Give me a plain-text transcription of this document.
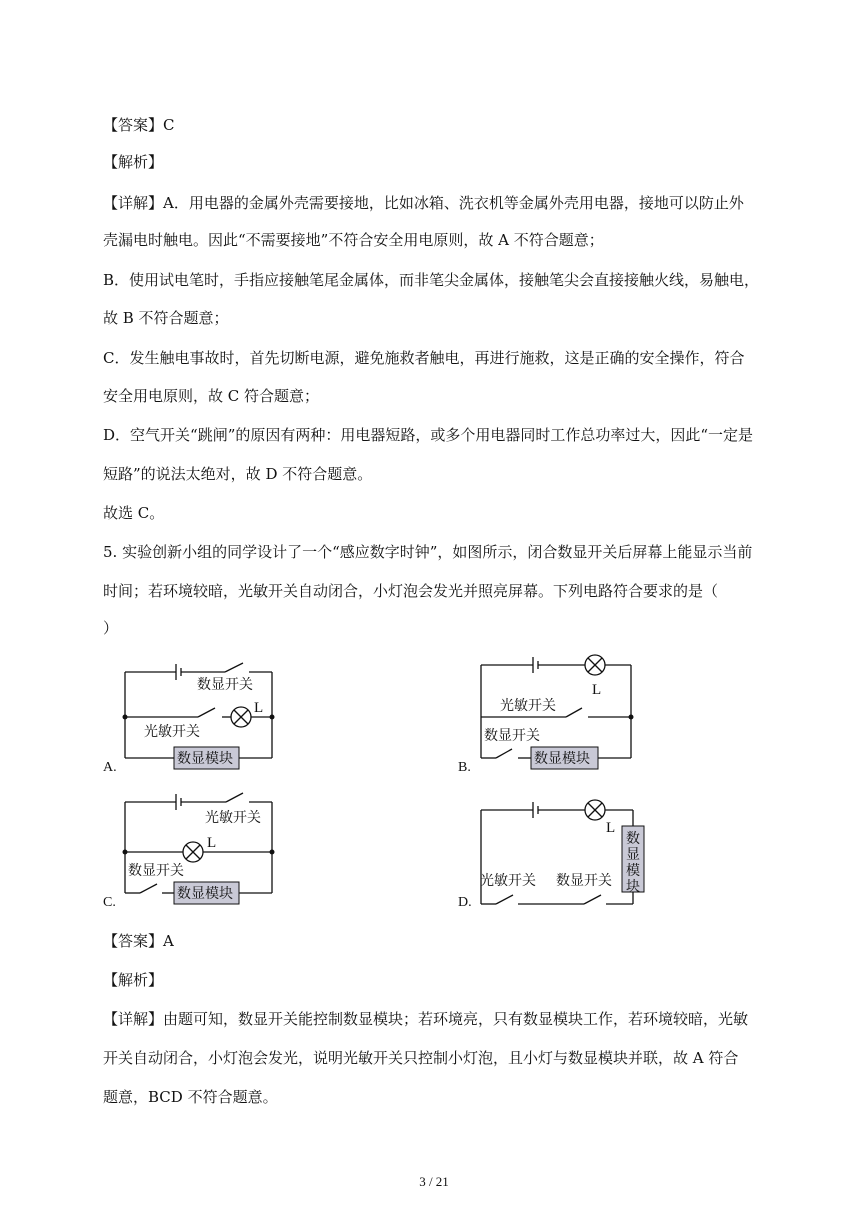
【答案】C
【解析】
【详解】A．用电器的金属外壳需要接地，比如冰箱、洗衣机等金属外壳用电器，接地可以防止外
壳漏电时触电。因此“不需要接地”不符合安全用电原则，故 A 不符合题意；
B．使用试电笔时，手指应接触笔尾金属体，而非笔尖金属体，接触笔尖会直接接触火线，易触电，
故 B 不符合题意；
C．发生触电事故时，首先切断电源，避免施救者触电，再进行施救，这是正确的安全操作，符合
安全用电原则，故 C 符合题意；
D．空气开关“跳闸”的原因有两种：用电器短路，或多个用电器同时工作总功率过大，因此“一定是
短路”的说法太绝对，故 D 不符合题意。
故选 C。
5. 实验创新小组的同学设计了一个“感应数字时钟”，如图所示，闭合数显开关后屏幕上能显示当前
时间；若环境较暗，光敏开关自动闭合，小灯泡会发光并照亮屏幕。下列电路符合要求的是（
）
A.	B.
C.	D.
数显开关
光敏开关
L
数显模块
L
光敏开关
数显开关
数显模块
光敏开关
L
数显开关
数显模块
L
数
显
模
块
光敏开关 数显开关
【答案】A
【解析】
【详解】由题可知，数显开关能控制数显模块；若环境亮，只有数显模块工作，若环境较暗，光敏
开关自动闭合，小灯泡会发光，说明光敏开关只控制小灯泡，且小灯与数显模块并联，故 A 符合
题意，BCD 不符合题意。
3 / 21
